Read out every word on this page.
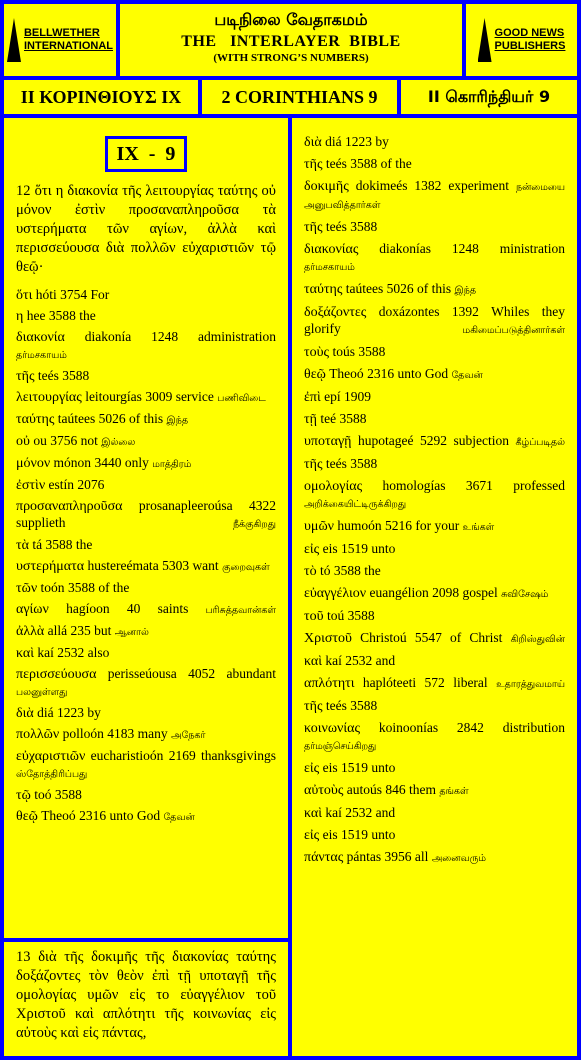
BELLWETHER
INTERNATIONAL
படிநிலை வேதாகமம்
THE   INTERLAYER  BIBLE
(WITH STRONG’S NUMBERS)
GOOD NEWS
PUBLISHERS
ΙΙ ΚΟΡΙΝΘΙΟΥΣ ΙΧ	2 CORINTHIANS 9	II கொரிந்தியர் 9
IX  -  9
12 ὅτι η διακονία τῆς λειτουργίας ταύτης οὐ μόνον ἐστὶν προσαναπληροῦσα τὰ υστερήματα τῶν αγίων, ἀλλὰ καὶ περισσεύουσα διὰ πολλῶν εὐχαριστιῶν τῷ θεῷ·
ὅτι hóti 3754 For
η hee 3588 the
διακονία diakonía 1248 administration தர்மசகாயம்
τῆς teés 3588
λειτουργίας leitourgías 3009 service பணிவிடை
ταύτης taútees 5026 of this இந்த
οὐ ou 3756 not இல்லை
μόνον mónon 3440 only மாத்திரம்
ἐστὶν estín 2076
προσαναπληροῦσα prosanapleeroúsa 4322 supplieth	நீக்குகிறது
τὰ tá 3588 the
υστερήματα hustereémata 5303 want குறைவுகள்
τῶν toón 3588 of the
αγίων hagíoon 40 saints பரிசுத்தவான்கள்
ἀλλὰ allá 235 but ஆனால்
καὶ kaí 2532 also
περισσεύουσα perisseúousa 4052 abundant பலனுள்ளது
διὰ diá 1223 by
πολλῶν polloón 4183 many அநேகர்
εὐχαριστιῶν eucharistioón 2169 thanksgivings ஸ்தோத்திரிப்பது
τῷ toó 3588
θεῷ Theoó 2316 unto God தேவன்
13 διὰ τῆς δοκιμῆς τῆς διακονίας ταύτης δοξάζοντες τὸν θεὸν ἐπὶ τῇ υποταγῇ τῆς ομολογίας υμῶν εἰς το εὐαγγέλιον τοῦ Χριστοῦ καὶ απλότητι τῆς κοινωνίας εἰς αὐτοὺς καὶ εἰς πάντας,
διὰ diá 1223 by
τῆς teés 3588 of the
δοκιμῆς dokimeés 1382 experiment நன்மையை அனுபவித்தார்கள்
τῆς teés 3588
διακονίας diakonías 1248 ministration தர்மசகாயம்
ταύτης taútees 5026 of this இந்த
δοξάζοντες doxázontes 1392 Whiles they glorify	மகிமைப்படுத்தினார்கள்
τοὺς toús 3588
θεῷ Theoó 2316 unto God தேவன்
ἐπὶ epí 1909
τῇ teé 3588
υποταγῇ hupotageé 5292 subjection கீழ்ப்படிதல்
τῆς teés 3588
ομολογίας homologías 3671 professed அறிக்கையிட்டிருக்கிறது
υμῶν humoón 5216 for your உங்கள்
εἰς eis 1519 unto
τὸ tó 3588 the
εὐαγγέλιον euangélion 2098 gospel சுவிசேஷம்
τοῦ toú 3588
Χριστοῦ Christoú 5547 of Christ கிறிஸ்துவின்
καὶ kaí 2532 and
απλότητι haplóteeti 572 liberal உதாரத்துவமாய்
τῆς teés 3588
κοινωνίας koinoonías 2842 distribution தர்மஞ்செய்கிறது
εἰς eis 1519 unto
αὐτοὺς autoús 846 them தங்கள்
καὶ kaí 2532 and
εἰς eis 1519 unto
πάντας pántas 3956 all அனைவரும்
